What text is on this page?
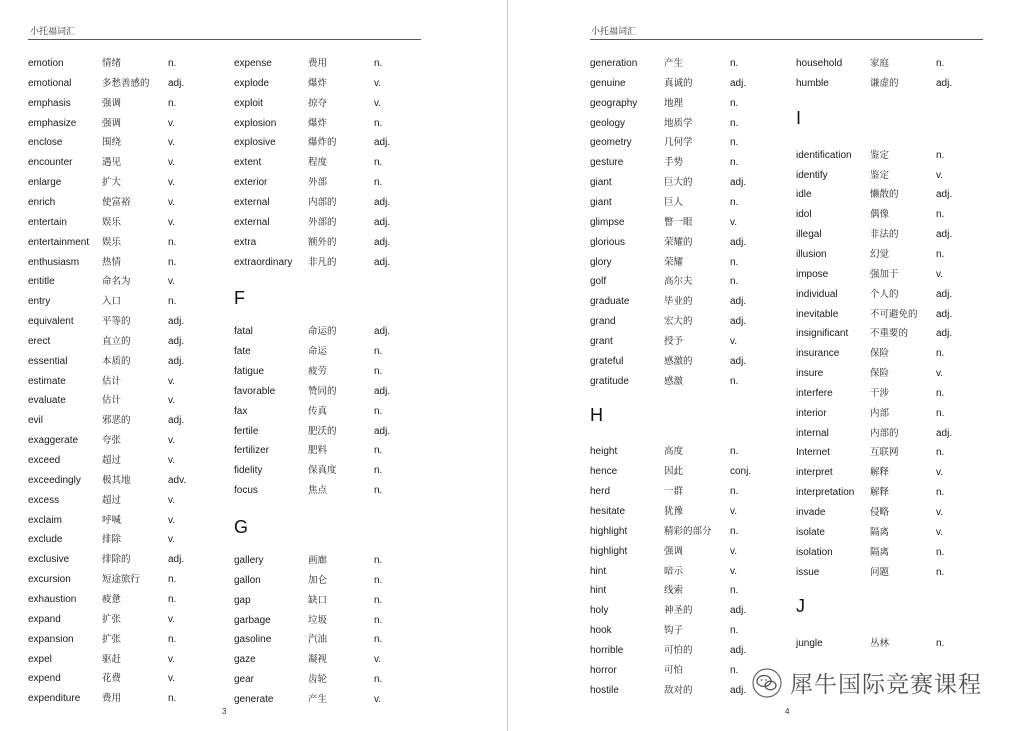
小托福词汇
emotion	情绪	n.
emotional	多愁善感的 adj.
emphasis	强调	n.
emphasize	强调	v.
enclose	围绕	v.
encounter	遇见	v.
enlarge	扩大	v.
enrich	使富裕	v.
entertain	娱乐	v.
entertainment 娱乐	n.
enthusiasm 热情	n.
entitle	命名为	v.
entry	入口	n.
equivalent	平等的	adj.
erect	直立的	adj.
essential	本质的	adj.
estimate	估计	v.
evaluate	估计	v.
evil	邪恶的	adj.
exaggerate	夸张	v.
exceed	超过	v.
exceedingly 极其地	adv.
excess	超过	v.
exclaim	呼喊	v.
exclude	排除	v.
exclusive	排除的	adj.
excursion	短途旅行	n.
exhaustion	疲惫	n.
expand	扩张	v.
expansion	扩张	n.
expel	驱赶	v.
expend	花费	v.
expenditure 费用	n.
expense	费用	n.
explode	爆炸	v.
exploit	掠夺	v.
explosion	爆炸	n.
explosive	爆炸的	adj.
extent	程度	n.
exterior	外部	n.
external	内部的	adj.
external	外部的	adj.
extra	额外的	adj.
extraordinary 非凡的	adj.
F
fatal	命运的	adj.
fate	命运	n.
fatigue	疲劳	n.
favorable	赞同的	adj.
fax	传真	n.
fertile	肥沃的	adj.
fertilizer	肥料	n.
fidelity	保真度	n.
focus	焦点	n.
G
gallery	画廊	n.
gallon	加仑	n.
gap	缺口	n.
garbage	垃圾	n.
gasoline	汽油	n.
gaze	凝视	v.
gear	齿轮	n.
generate	产生	v.
3
小托福词汇
generation	产生	n.
genuine	真诚的	adj.
geography	地理	n.
geology	地质学	n.
geometry	几何学	n.
gesture	手势	n.
giant	巨大的	adj.
giant	巨人	n.
glimpse	瞥一眼	v.
glorious	荣耀的	adj.
glory	荣耀	n.
golf	高尔夫	n.
graduate	毕业的	adj.
grand	宏大的	adj.
grant	授予	v.
grateful	感激的	adj.
gratitude	感激	n.
H
height	高度	n.
hence	因此	conj.
herd	一群	n.
hesitate	犹豫	v.
highlight	精彩的部分 n.
highlight	强调	v.
hint	暗示	v.
hint	线索	n.
holy	神圣的	adj.
hook	钩子	n.
horrible	可怕的	adj.
horror	可怕	n.
hostile	敌对的	adj.
household	家庭	n.
humble	谦虚的	adj.
I
identification 鉴定	n.
identify	鉴定	v.
idle	懒散的	adj.
idol	偶像	n.
illegal	非法的	adj.
illusion	幻觉	n.
impose	强加于	v.
individual	个人的	adj.
inevitable	不可避免的 adj.
insignificant 不重要的	adj.
insurance	保险	n.
insure	保险	v.
interfere	干涉	n.
interior	内部	n.
internal	内部的	adj.
Internet	互联网	n.
interpret	解释	v.
interpretation 解释	n.
invade	侵略	v.
isolate	隔离	v.
isolation	隔离	n.
issue	问题	n.
J
jungle	丛林	n.
4
犀牛国际竞赛课程
